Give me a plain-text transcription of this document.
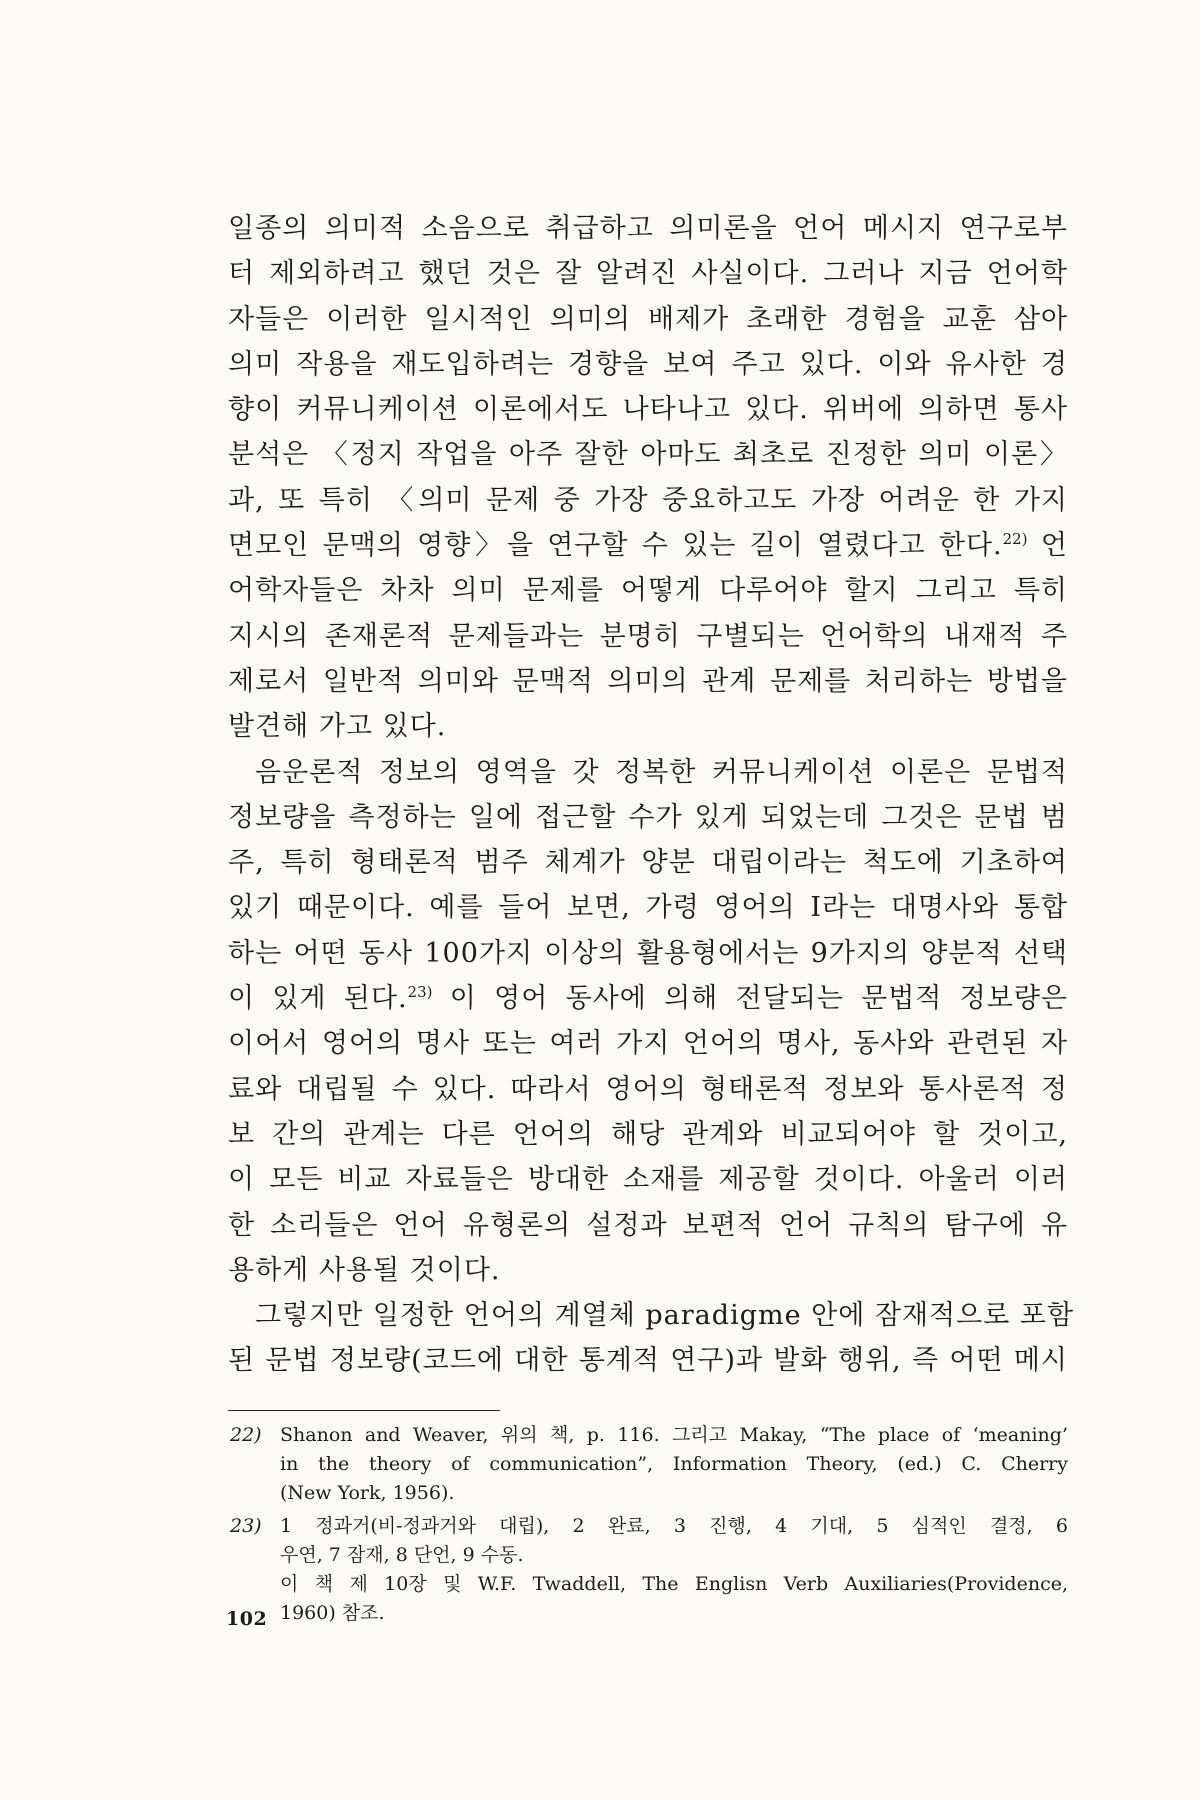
일종의 의미적 소음으로 취급하고 의미론을 언어 메시지 연구로부

터 제외하려고 했던 것은 잘 알려진 사실이다. 그러나 지금 언어학

자들은 이러한 일시적인 의미의 배제가 초래한 경험을 교훈 삼아

의미 작용을 재도입하려는 경향을 보여 주고 있다. 이와 유사한 경

향이 커뮤니케이션 이론에서도 나타나고 있다. 위버에 의하면 통사

분석은 〈정지 작업을 아주 잘한 아마도 최초로 진정한 의미 이론〉

과, 또 특히 〈의미 문제 중 가장 중요하고도 가장 어려운 한 가지

면모인 문맥의 영향〉을 연구할 수 있는 길이 열렸다고 한다.$^{22)}$ 언

어학자들은 차차 의미 문제를 어떻게 다루어야 할지 그리고 특히

지시의 존재론적 문제들과는 분명히 구별되는 언어학의 내재적 주

제로서 일반적 의미와 문맥적 의미의 관계 문제를 처리하는 방법을

발견해 가고 있다.

음운론적 정보의 영역을 갓 정복한 커뮤니케이션 이론은 문법적

정보량을 측정하는 일에 접근할 수가 있게 되었는데 그것은 문법 범

주, 특히 형태론적 범주 체계가 양분 대립이라는 척도에 기초하여

있기 때문이다. 예를 들어 보면, 가령 영어의 I라는 대명사와 통합

하는 어떤 동사 100가지 이상의 활용형에서는 9가지의 양분적 선택

이 있게 된다.$^{23)}$ 이 영어 동사에 의해 전달되는 문법적 정보량은

이어서 영어의 명사 또는 여러 가지 언어의 명사, 동사와 관련된 자

료와 대립될 수 있다. 따라서 영어의 형태론적 정보와 통사론적 정

보 간의 관계는 다른 언어의 해당 관계와 비교되어야 할 것이고,

이 모든 비교 자료들은 방대한 소재를 제공할 것이다. 아울러 이러

한 소리들은 언어 유형론의 설정과 보편적 언어 규칙의 탐구에 유

용하게 사용될 것이다.

그렇지만 일정한 언어의 계열체 paradigme 안에 잠재적으로 포함

된 문법 정보량(코드에 대한 통계적 연구)과 발화 행위, 즉 어떤 메시

22) Shanon and Weaver, 위의 책, p. 116. 그리고 Makay, “The place of ‘meaning’

in the theory of communication”, Information Theory, (ed.) C. Cherry

(New York, 1956).

23) 1 정과거(비-정과거와 대립), 2 완료, 3 진행, 4 기대, 5 심적인 결정, 6

우연, 7 잠재, 8 단언, 9 수동.

이 책 제 10장 및 W.F. Twaddell, The Englisn Verb Auxiliaries(Providence,

1960) 참조.

102
